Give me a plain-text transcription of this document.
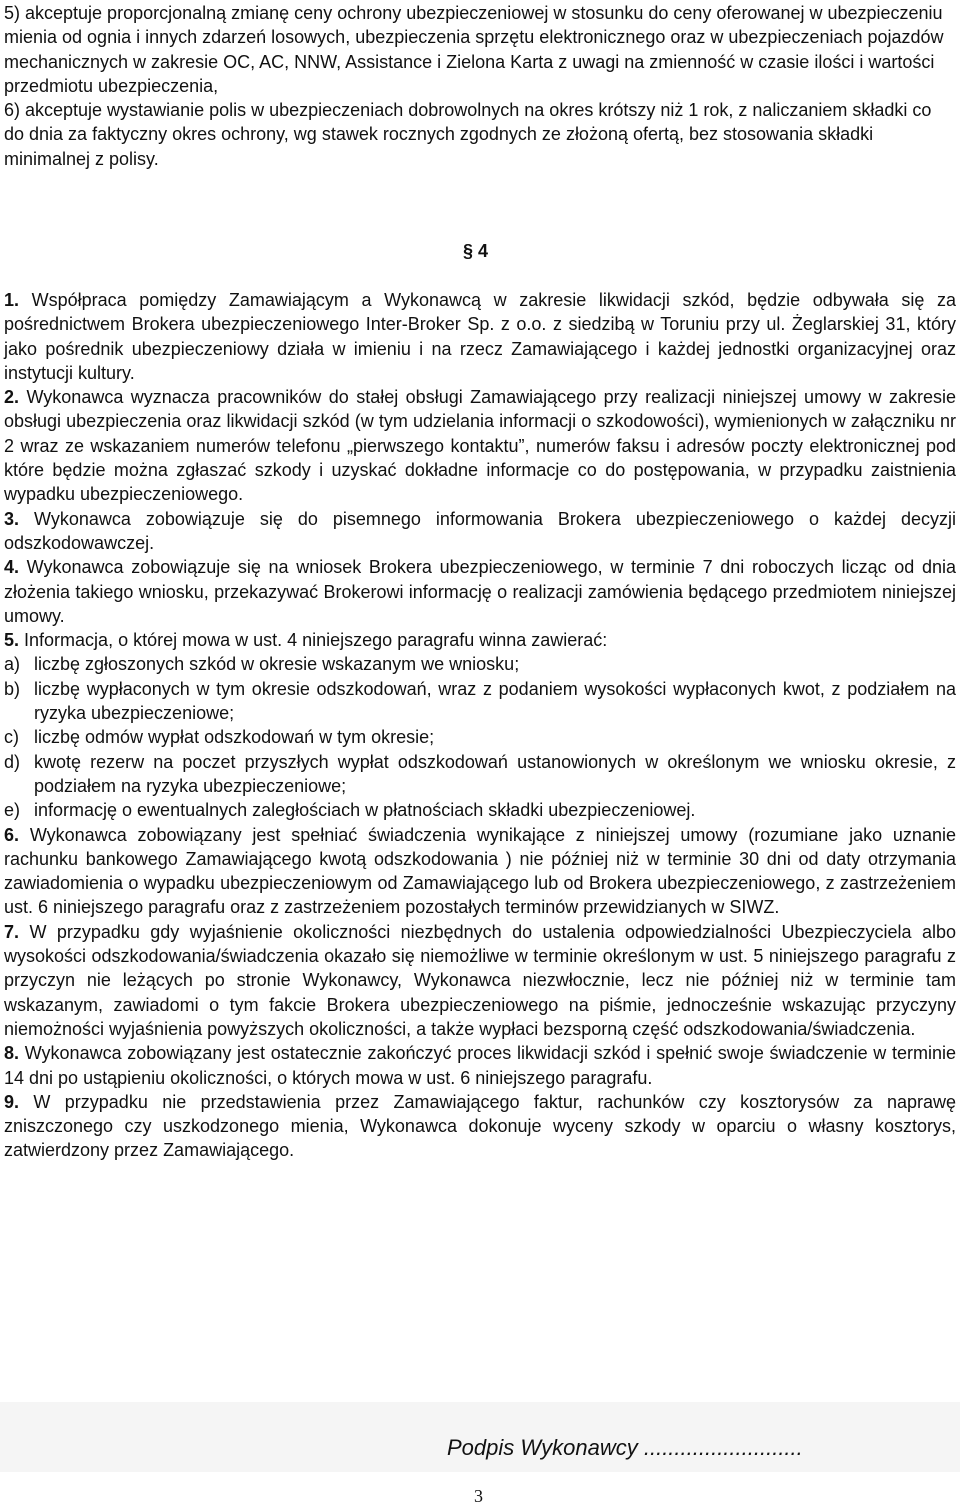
5) akceptuje proporcjonalną zmianę ceny ochrony ubezpieczeniowej w stosunku do ceny oferowanej w ubezpieczeniu mienia od ognia i innych zdarzeń losowych, ubezpieczenia sprzętu elektronicznego oraz w ubezpieczeniach pojazdów mechanicznych w zakresie OC, AC, NNW, Assistance i Zielona Karta z uwagi na zmienność w czasie ilości i wartości przedmiotu ubezpieczenia,
6) akceptuje wystawianie polis w ubezpieczeniach dobrowolnych na okres krótszy niż 1 rok, z naliczaniem składki co do dnia za faktyczny okres ochrony, wg stawek rocznych zgodnych ze złożoną ofertą, bez stosowania składki minimalnej z polisy.
§ 4

1. Współpraca pomiędzy Zamawiającym a Wykonawcą w zakresie likwidacji szkód, będzie odbywała się za pośrednictwem Brokera ubezpieczeniowego Inter-Broker Sp. z o.o. z siedzibą w Toruniu przy ul. Żeglarskiej 31, który jako pośrednik ubezpieczeniowy działa w imieniu i na rzecz Zamawiającego i każdej jednostki organizacyjnej oraz instytucji kultury.

2. Wykonawca wyznacza pracowników do stałej obsługi Zamawiającego przy realizacji niniejszej umowy w zakresie obsługi ubezpieczenia oraz likwidacji szkód (w tym udzielania informacji o szkodowości), wymienionych w załączniku nr 2 wraz ze wskazaniem numerów telefonu „pierwszego kontaktu”, numerów faksu i adresów poczty elektronicznej pod które będzie można zgłaszać szkody i uzyskać dokładne informacje co do postępowania, w przypadku zaistnienia wypadku ubezpieczeniowego.

3. Wykonawca zobowiązuje się do pisemnego informowania Brokera ubezpieczeniowego o każdej decyzji odszkodowawczej.

4. Wykonawca zobowiązuje się na wniosek Brokera ubezpieczeniowego, w terminie 7 dni roboczych licząc od dnia złożenia takiego wniosku, przekazywać Brokerowi informację o realizacji zamówienia będącego przedmiotem niniejszej umowy.

5. Informacja, o której mowa w ust. 4 niniejszego paragrafu winna zawierać:

a) liczbę zgłoszonych szkód w okresie wskazanym we wniosku;
b) liczbę wypłaconych w tym okresie odszkodowań, wraz z podaniem wysokości wypłaconych kwot, z podziałem na ryzyka ubezpieczeniowe;
c) liczbę odmów wypłat odszkodowań w tym okresie;
d) kwotę rezerw na poczet przyszłych wypłat odszkodowań ustanowionych w określonym we wniosku okresie, z podziałem na ryzyka ubezpieczeniowe;
e) informację o ewentualnych zaległościach w płatnościach składki ubezpieczeniowej.

6. Wykonawca zobowiązany jest spełniać świadczenia wynikające z niniejszej umowy (rozumiane jako uznanie rachunku bankowego Zamawiającego kwotą odszkodowania ) nie później niż w terminie 30 dni od daty otrzymania zawiadomienia o wypadku ubezpieczeniowym od Zamawiającego lub od Brokera ubezpieczeniowego, z zastrzeżeniem ust. 6 niniejszego paragrafu oraz z zastrzeżeniem pozostałych terminów przewidzianych w SIWZ.

7. W przypadku gdy wyjaśnienie okoliczności niezbędnych do ustalenia odpowiedzialności Ubezpieczyciela albo wysokości odszkodowania/świadczenia okazało się niemożliwe w terminie określonym w ust. 5 niniejszego paragrafu z przyczyn nie leżących po stronie Wykonawcy, Wykonawca niezwłocznie, lecz nie później niż w terminie tam wskazanym, zawiadomi o tym fakcie Brokera ubezpieczeniowego na piśmie, jednocześnie wskazując przyczyny niemożności wyjaśnienia powyższych okoliczności, a także wypłaci bezsporną część odszkodowania/świadczenia.

8. Wykonawca zobowiązany jest ostatecznie zakończyć proces likwidacji szkód i spełnić swoje świadczenie w terminie 14 dni po ustąpieniu okoliczności, o których mowa w ust. 6 niniejszego paragrafu.

9. W przypadku nie przedstawienia przez Zamawiającego faktur, rachunków czy kosztorysów za naprawę zniszczonego czy uszkodzonego mienia, Wykonawca dokonuje wyceny szkody w oparciu o własny kosztorys, zatwierdzony przez Zamawiającego.

Podpis Wykonawcy ..........................
3
